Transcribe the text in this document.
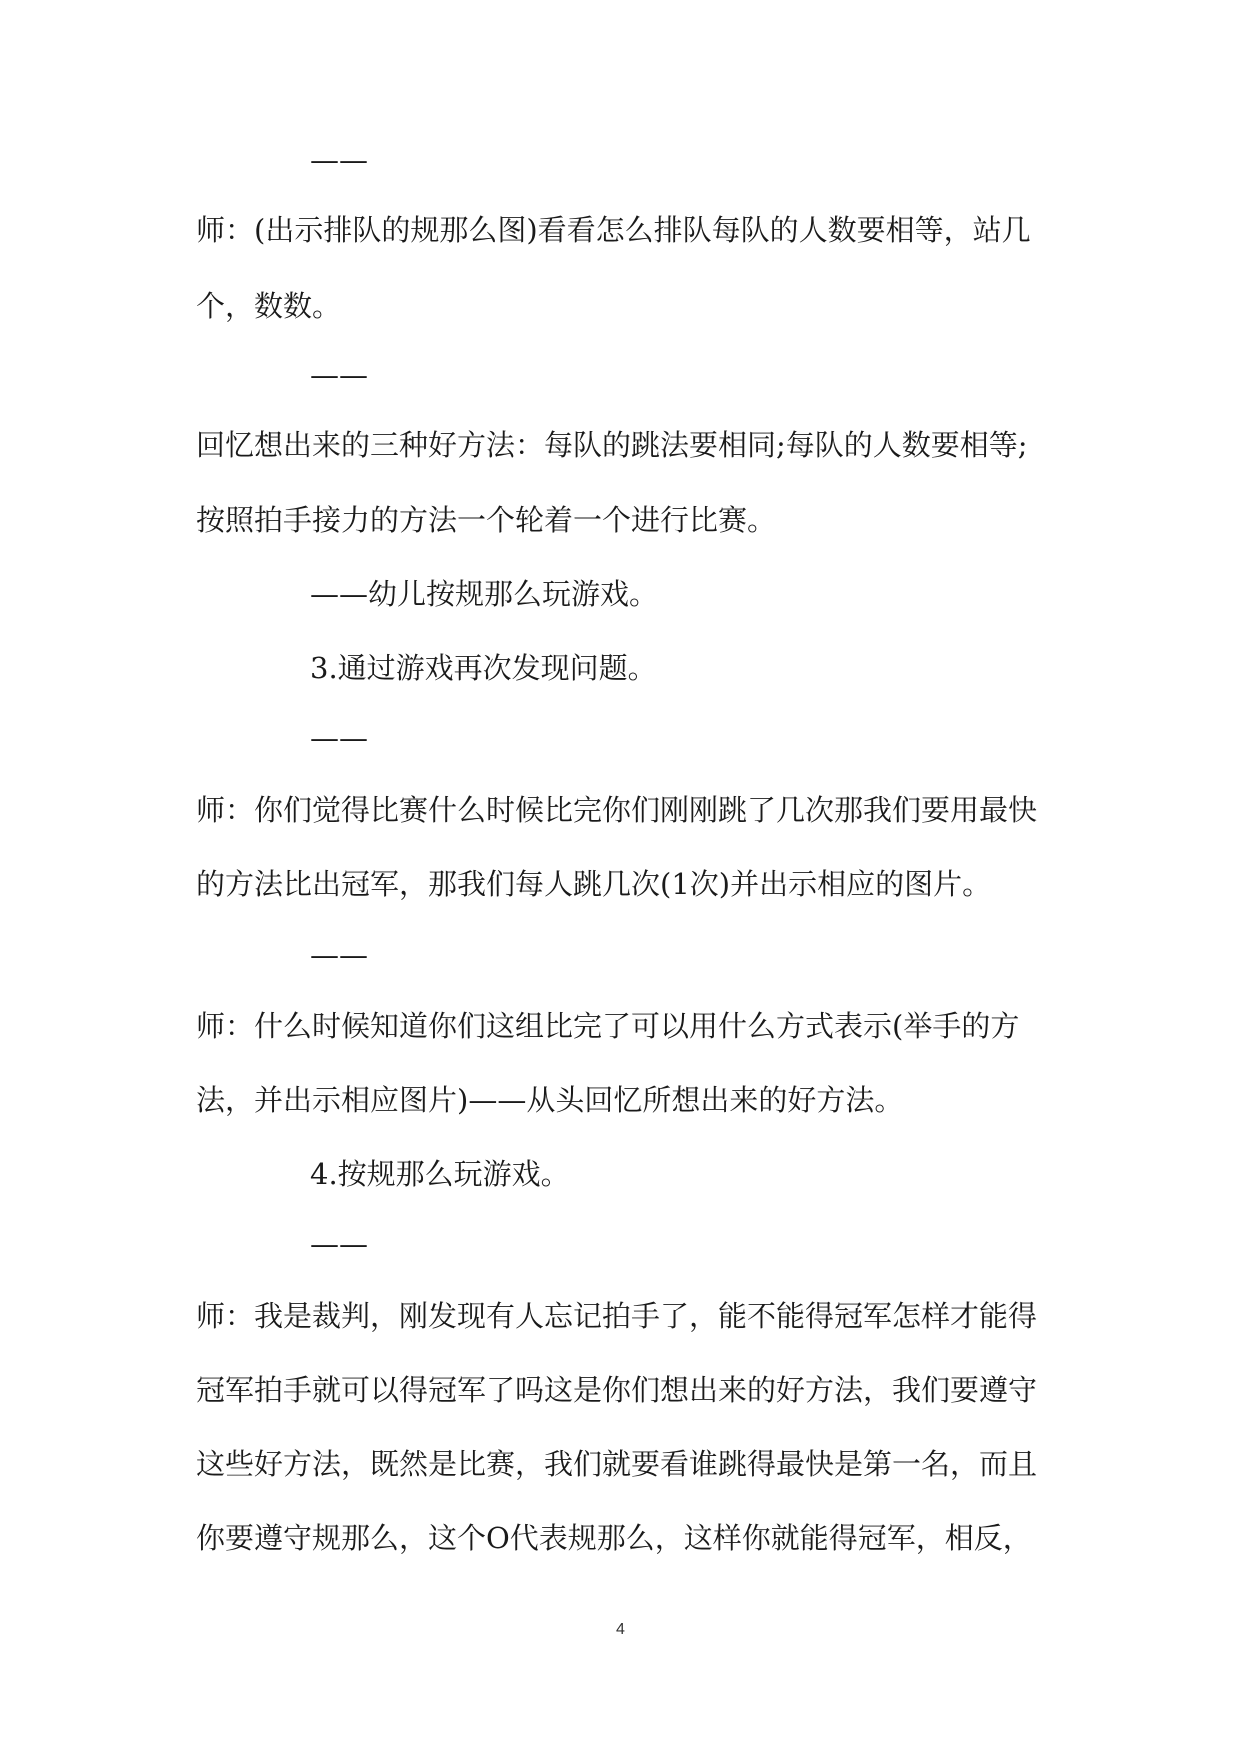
——
师：(出示排队的规那么图)看看怎么排队每队的人数要相等，站几
个，数数。
——
回忆想出来的三种好方法：每队的跳法要相同;每队的人数要相等;
按照拍手接力的方法一个轮着一个进行比赛。
——幼儿按规那么玩游戏。
3.通过游戏再次发现问题。
——
师：你们觉得比赛什么时候比完你们刚刚跳了几次那我们要用最快
的方法比出冠军，那我们每人跳几次(1次)并出示相应的图片。
——
师：什么时候知道你们这组比完了可以用什么方式表示(举手的方
法，并出示相应图片)——从头回忆所想出来的好方法。
4.按规那么玩游戏。
——
师：我是裁判，刚发现有人忘记拍手了，能不能得冠军怎样才能得
冠军拍手就可以得冠军了吗这是你们想出来的好方法，我们要遵守
这些好方法，既然是比赛，我们就要看谁跳得最快是第一名，而且
你要遵守规那么，这个O代表规那么，这样你就能得冠军，相反，
4
